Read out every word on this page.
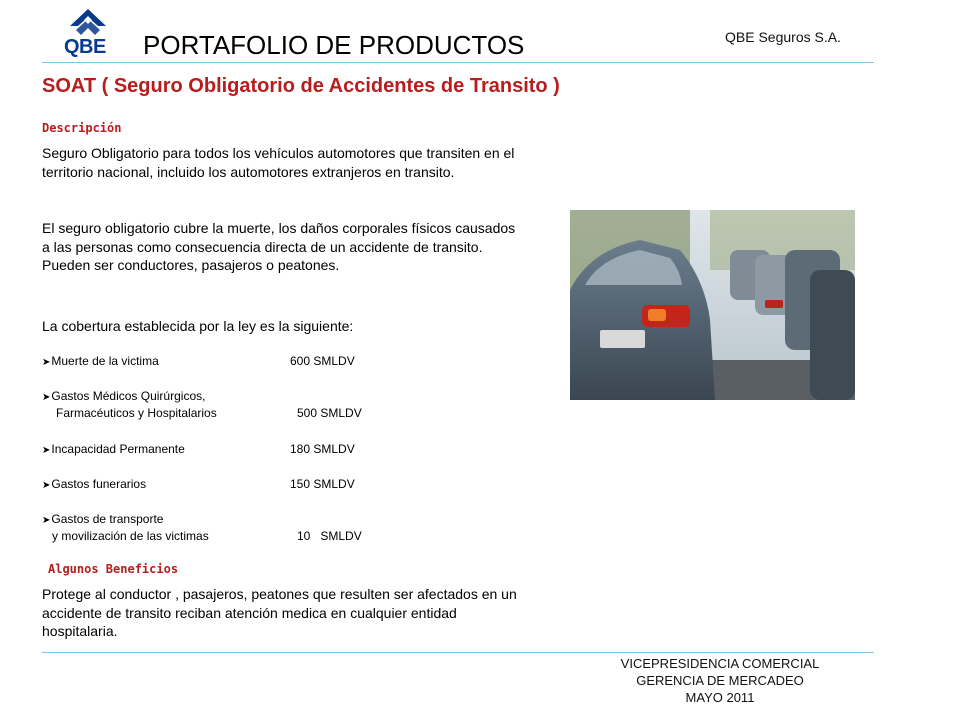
QBE PORTAFOLIO DE PRODUCTOS	QBE Seguros S.A.
SOAT ( Seguro Obligatorio de Accidentes de Transito )
Descripción
Seguro Obligatorio para todos los vehículos automotores que transiten en el territorio nacional, incluido los automotores extranjeros en transito.
El seguro obligatorio cubre la muerte, los daños corporales físicos causados a las personas como consecuencia directa de un accidente de transito. Pueden ser conductores, pasajeros o peatones.
La cobertura establecida por la ley es la siguiente:
➤Muerte de la victima	600 SMLDV
➤Gastos Médicos Quirúrgicos,
Farmacéuticos y Hospitalarios	500 SMLDV
➤Incapacidad Permanente	180 SMLDV
➤Gastos funerarios	150 SMLDV
➤Gastos de transporte
y movilización de las victimas	10   SMLDV
Algunos Beneficios
Protege al conductor , pasajeros, peatones que resulten ser afectados en un accidente de transito reciban atención medica en cualquier entidad hospitalaria.
VICEPRESIDENCIA COMERCIAL
GERENCIA DE MERCADEO
MAYO 2011
